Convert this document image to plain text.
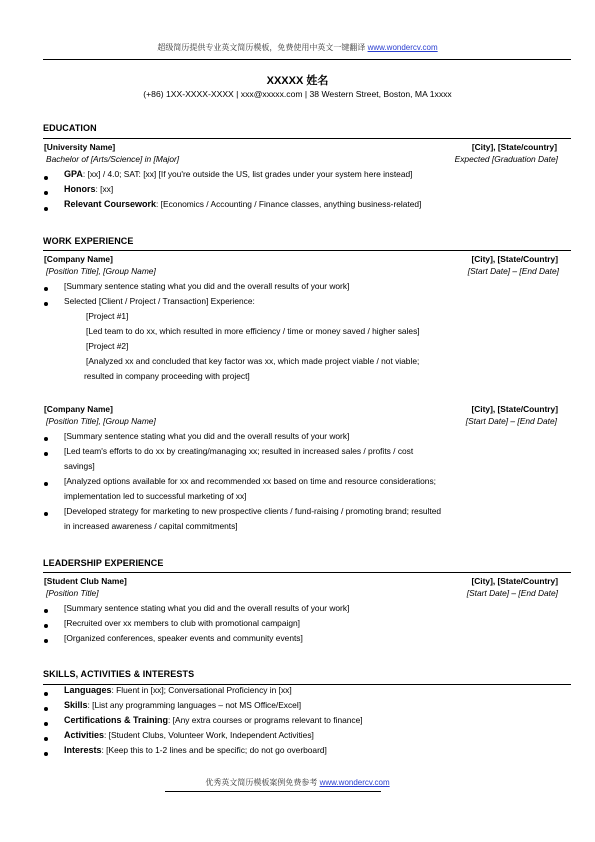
超级简历提供专业英文简历模板，免费使用中英文一键翻译 www.wondercv.com
XXXXX 姓名
(+86) 1XX-XXXX-XXXX | xxx@xxxxx.com | 38 Western Street, Boston, MA 1xxxx
EDUCATION
[University Name]	[City], [State/country]
Bachelor of [Arts/Science] in [Major]	Expected [Graduation Date]
GPA: [xx] / 4.0; SAT: [xx] [If you're outside the US, list grades under your system here instead]
Honors: [xx]
Relevant Coursework: [Economics / Accounting / Finance classes, anything business-related]
WORK EXPERIENCE
[Company Name]	[City], [State/Country]
[Position Title], [Group Name]	[Start Date] – [End Date]
[Summary sentence stating what you did and the overall results of your work]
Selected [Client / Project / Transaction] Experience:
[Project #1]
[Led team to do xx, which resulted in more efficiency / time or money saved / higher sales]
[Project #2]
[Analyzed xx and concluded that key factor was xx, which made project viable / not viable;
resulted in company proceeding with project]
[Company Name]	[City], [State/Country]
[Position Title], [Group Name]	[Start Date] – [End Date]
[Summary sentence stating what you did and the overall results of your work]
[Led team's efforts to do xx by creating/managing xx; resulted in increased sales / profits / cost
savings]
[Analyzed options available for xx and recommended xx based on time and resource considerations;
implementation led to successful marketing of xx]
[Developed strategy for marketing to new prospective clients / fund-raising / promoting brand; resulted
in increased awareness / capital commitments]
LEADERSHIP EXPERIENCE
[Student Club Name]	[City], [State/Country]
[Position Title]	[Start Date] – [End Date]
[Summary sentence stating what you did and the overall results of your work]
[Recruited over xx members to club with promotional campaign]
[Organized conferences, speaker events and community events]
SKILLS, ACTIVITIES & INTERESTS
Languages: Fluent in [xx]; Conversational Proficiency in [xx]
Skills: [List any programming languages – not MS Office/Excel]
Certifications & Training: [Any extra courses or programs relevant to finance]
Activities: [Student Clubs, Volunteer Work, Independent Activities]
Interests: [Keep this to 1-2 lines and be specific; do not go overboard]
优秀英文简历模板案例免费参考 www.wondercv.com
